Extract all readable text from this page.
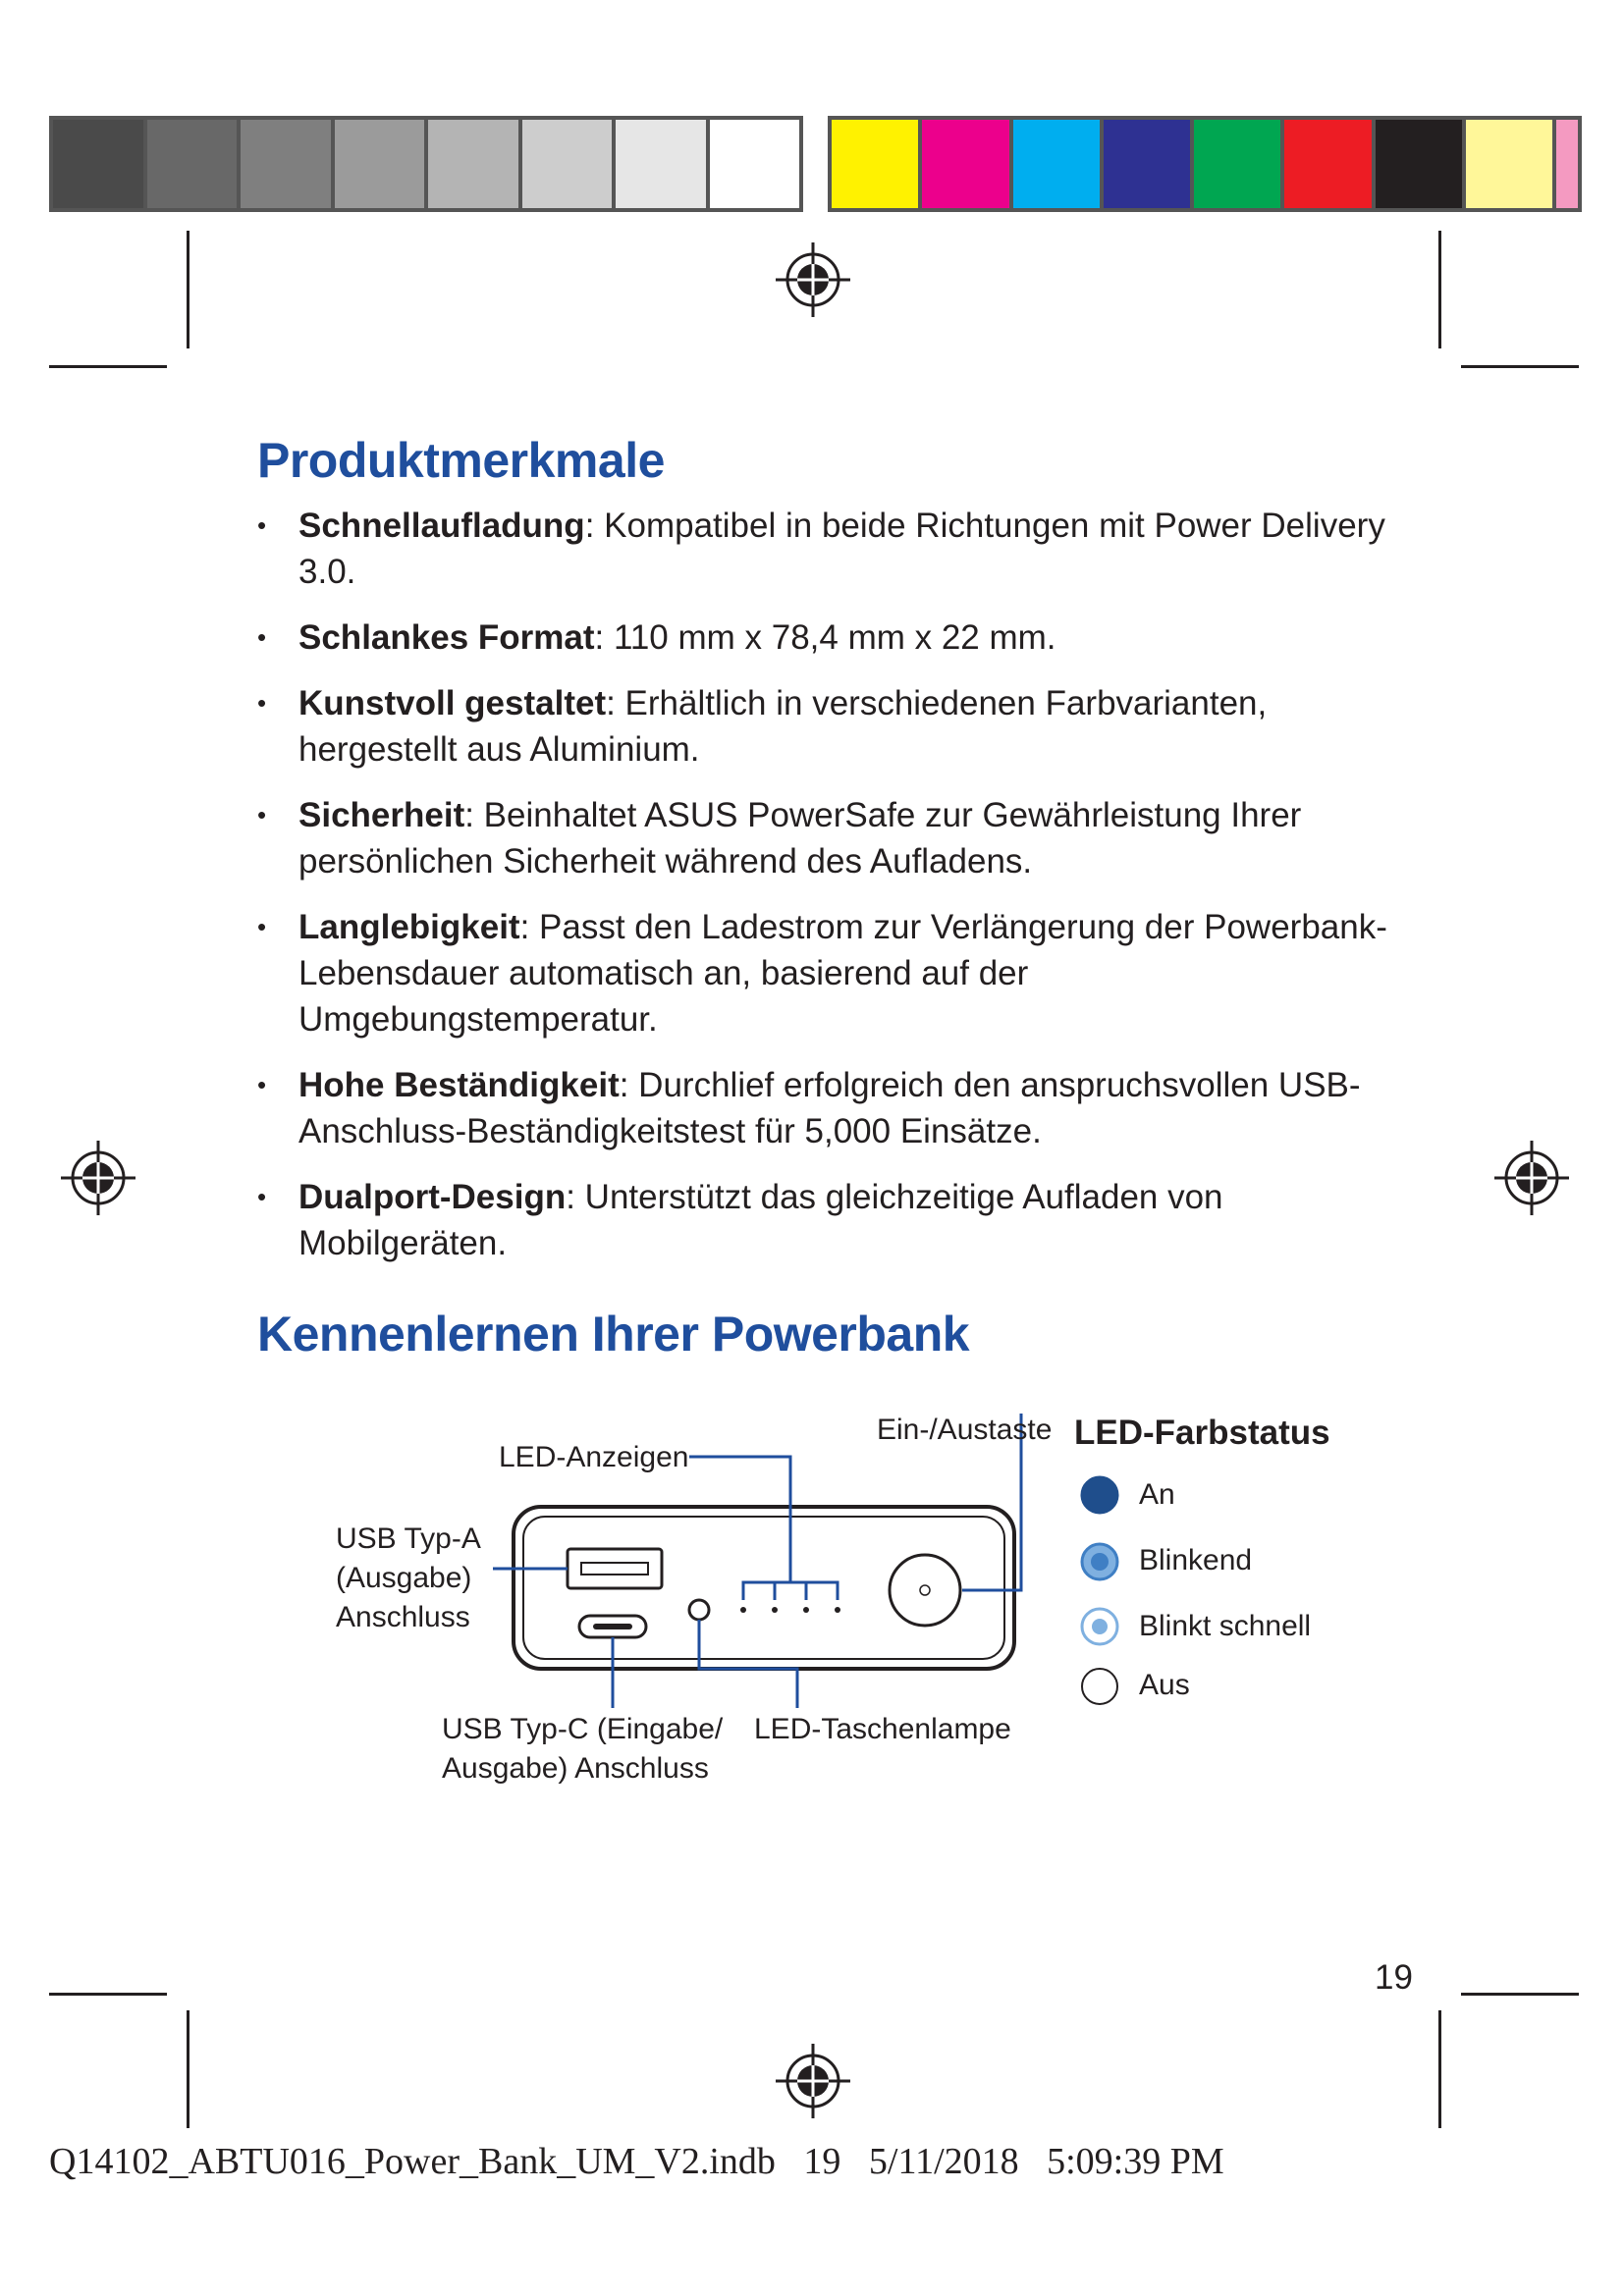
Produktmerkmale
• Schnellaufladung: Kompatibel in beide Richtungen mit Power Delivery 3.0.
• Schlankes Format: 110 mm x 78,4 mm x 22 mm.
• Kunstvoll gestaltet: Erhältlich in verschiedenen Farbvarianten, hergestellt aus Aluminium.
• Sicherheit: Beinhaltet ASUS PowerSafe zur Gewährleistung Ihrer persönlichen Sicherheit während des Aufladens.
• Langlebigkeit: Passt den Ladestrom zur Verlängerung der Powerbank-Lebensdauer automatisch an, basierend auf der Umgebungstemperatur.
• Hohe Beständigkeit: Durchlief erfolgreich den anspruchsvollen USB-Anschluss-Beständigkeitstest für 5,000 Einsätze.
• Dualport-Design: Unterstützt das gleichzeitige Aufladen von Mobilgeräten.
Kennenlernen Ihrer Powerbank
LED-Anzeigen
Ein-/Austaste
USB Typ-A
(Ausgabe)
Anschluss
USB Typ-C (Eingabe/
Ausgabe) Anschluss
LED-Taschenlampe
LED-Farbstatus
An
Blinkend
Blinkt schnell
Aus
19
Q14102_ABTU016_Power_Bank_UM_V2.indb   19   5/11/2018   5:09:39 PM
